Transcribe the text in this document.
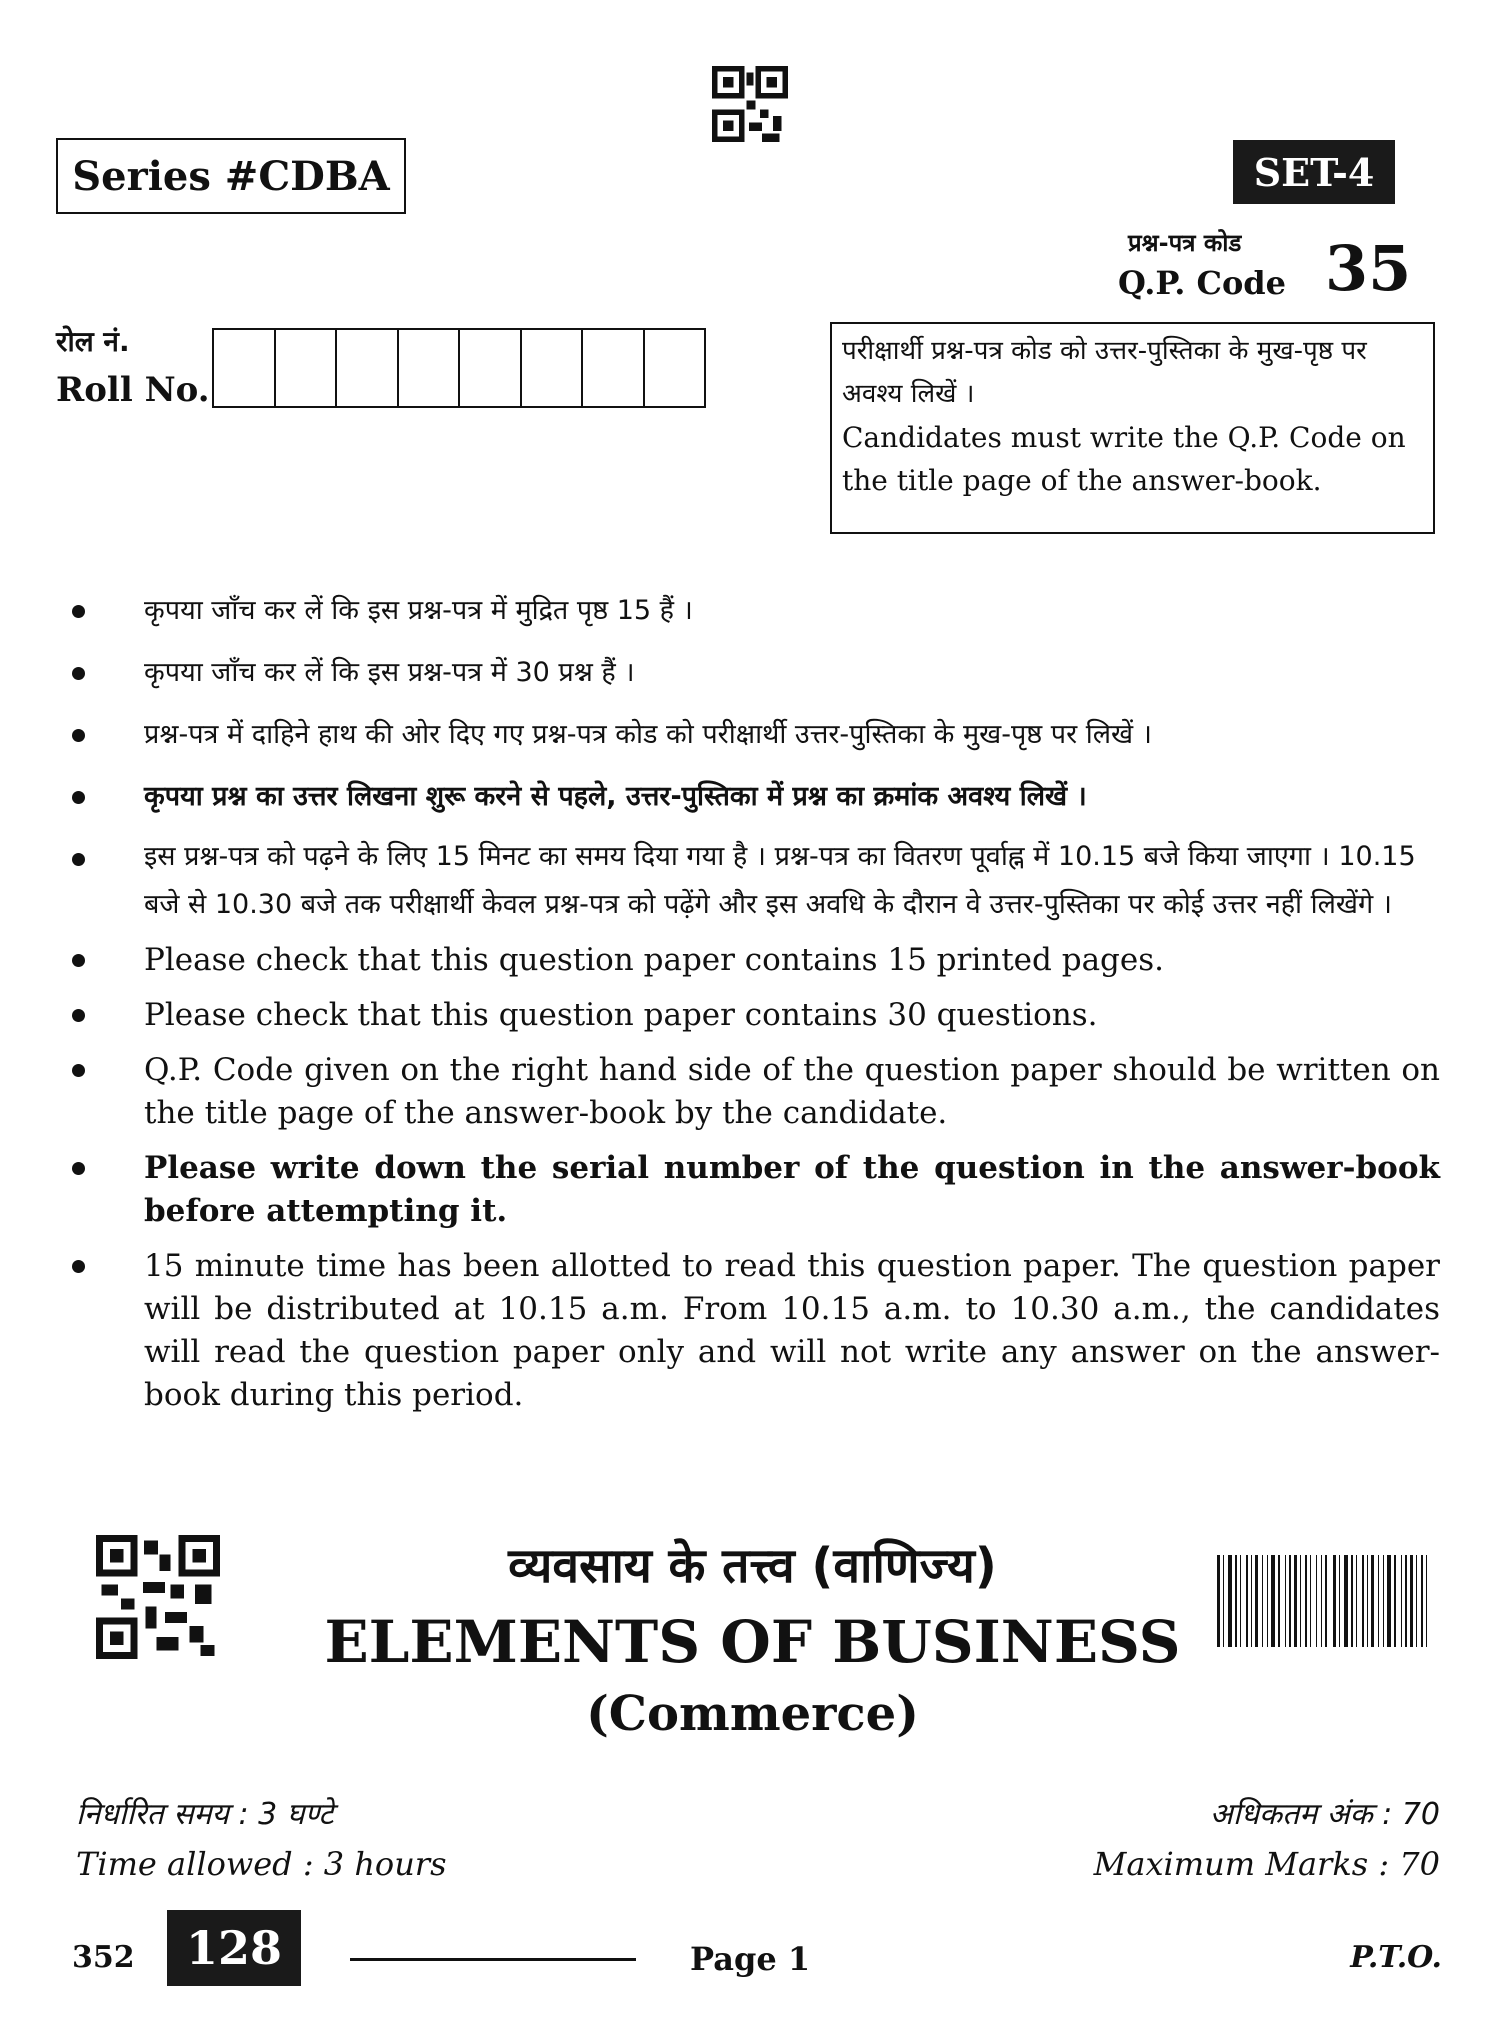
Series #CDBA	SET-4
प्रश्न-पत्र कोड
Q.P. Code 35
रोल नं.
Roll No.
परीक्षार्थी प्रश्न-पत्र कोड को उत्तर-पुस्तिका के मुख-पृष्ठ पर अवश्य लिखें ।
Candidates must write the Q.P. Code on the title page of the answer-book.
कृपया जाँच कर लें कि इस प्रश्न-पत्र में मुद्रित पृष्ठ 15 हैं ।
कृपया जाँच कर लें कि इस प्रश्न-पत्र में 30 प्रश्न हैं ।
प्रश्न-पत्र में दाहिने हाथ की ओर दिए गए प्रश्न-पत्र कोड को परीक्षार्थी उत्तर-पुस्तिका के मुख-पृष्ठ पर लिखें ।
कृपया प्रश्न का उत्तर लिखना शुरू करने से पहले, उत्तर-पुस्तिका में प्रश्न का क्रमांक अवश्य लिखें ।
इस प्रश्न-पत्र को पढ़ने के लिए 15 मिनट का समय दिया गया है । प्रश्न-पत्र का वितरण पूर्वाह्न में 10.15 बजे किया जाएगा । 10.15 बजे से 10.30 बजे तक परीक्षार्थी केवल प्रश्न-पत्र को पढ़ेंगे और इस अवधि के दौरान वे उत्तर-पुस्तिका पर कोई उत्तर नहीं लिखेंगे ।
Please check that this question paper contains 15 printed pages.
Please check that this question paper contains 30 questions.
Q.P. Code given on the right hand side of the question paper should be written on the title page of the answer-book by the candidate.
Please write down the serial number of the question in the answer-book before attempting it.
15 minute time has been allotted to read this question paper. The question paper will be distributed at 10.15 a.m. From 10.15 a.m. to 10.30 a.m., the candidates will read the question paper only and will not write any answer on the answer-book during this period.
व्यवसाय के तत्त्व (वाणिज्य)
ELEMENTS OF BUSINESS
(Commerce)
निर्धारित समय : 3 घण्टे
Time allowed : 3 hours
अधिकतम अंक : 70
Maximum Marks : 70
352	128	Page 1	P.T.O.
